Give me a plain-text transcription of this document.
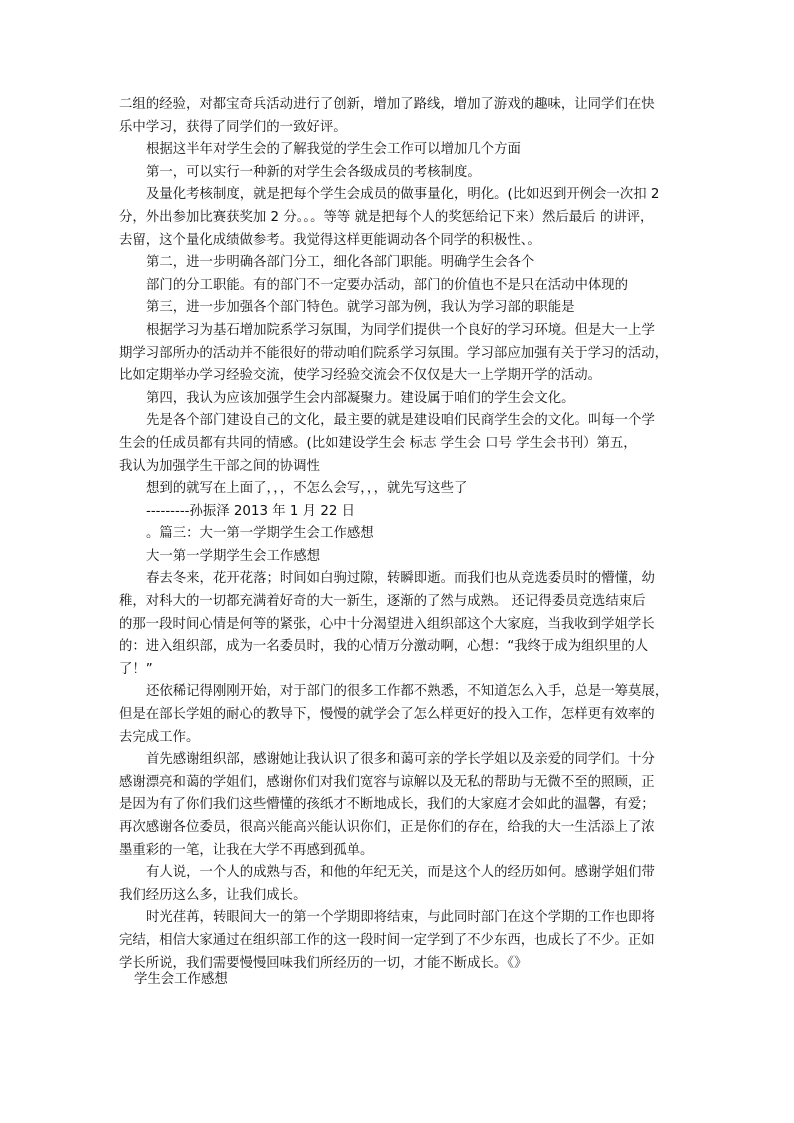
二组的经验，对都宝奇兵活动进行了创新，增加了路线，增加了游戏的趣味，让同学们在快
乐中学习，获得了同学们的一致好评。
根据这半年对学生会的了解我觉的学生会工作可以增加几个方面
第一，可以实行一种新的对学生会各级成员的考核制度。
及量化考核制度，就是把每个学生会成员的做事量化，明化。(比如迟到开例会一次扣 2
分，外出参加比赛获奖加 2 分。。。等等 就是把每个人的奖惩给记下来）然后最后 的讲评，
去留，这个量化成绩做参考。我觉得这样更能调动各个同学的积极性、。
第二，进一步明确各部门分工，细化各部门职能。明确学生会各个
部门的分工职能。有的部门不一定要办活动，部门的价值也不是只在活动中体现的
第三，进一步加强各个部门特色。就学习部为例，我认为学习部的职能是
根据学习为基石增加院系学习氛围，为同学们提供一个良好的学习环境。但是大一上学
期学习部所办的活动并不能很好的带动咱们院系学习氛围。学习部应加强有关于学习的活动，
比如定期举办学习经验交流，使学习经验交流会不仅仅是大一上学期开学的活动。
第四，我认为应该加强学生会内部凝聚力。建设属于咱们的学生会文化。
先是各个部门建设自己的文化，最主要的就是建设咱们民商学生会的文化。叫每一个学
生会的任成员都有共同的情感。(比如建设学生会 标志 学生会 口号 学生会书刊）第五，
我认为加强学生干部之间的协调性
想到的就写在上面了，，，不怎么会写，，，就先写这些了
---------孙振泽 2013 年 1 月 22 日
。篇三：大一第一学期学生会工作感想
大一第一学期学生会工作感想
春去冬来，花开花落；时间如白驹过隙，转瞬即逝。而我们也从竞选委员时的懵懂，幼
稚，对科大的一切都充满着好奇的大一新生，逐渐的了然与成熟。 还记得委员竞选结束后
的那一段时间心情是何等的紧张，心中十分渴望进入组织部这个大家庭，当我收到学姐学长
的：进入组织部，成为一名委员时，我的心情万分激动啊，心想：“我终于成为组织里的人
了！”
还依稀记得刚刚开始，对于部门的很多工作都不熟悉，不知道怎么入手，总是一筹莫展，
但是在部长学姐的耐心的教导下，慢慢的就学会了怎么样更好的投入工作，怎样更有效率的
去完成工作。
首先感谢组织部，感谢她让我认识了很多和蔼可亲的学长学姐以及亲爱的同学们。十分
感谢漂亮和蔼的学姐们，感谢你们对我们宽容与谅解以及无私的帮助与无微不至的照顾，正
是因为有了你们我们这些懵懂的孩纸才不断地成长，我们的大家庭才会如此的温馨，有爱；
再次感谢各位委员，很高兴能高兴能认识你们，正是你们的存在，给我的大一生活添上了浓
墨重彩的一笔，让我在大学不再感到孤单。
有人说，一个人的成熟与否，和他的年纪无关，而是这个人的经历如何。感谢学姐们带
我们经历这么多，让我们成长。
时光荏苒，转眼间大一的第一个学期即将结束，与此同时部门在这个学期的工作也即将
完结，相信大家通过在组织部工作的这一段时间一定学到了不少东西，也成长了不少。正如
学长所说，我们需要慢慢回味我们所经历的一切，才能不断成长。《》
学生会工作感想
